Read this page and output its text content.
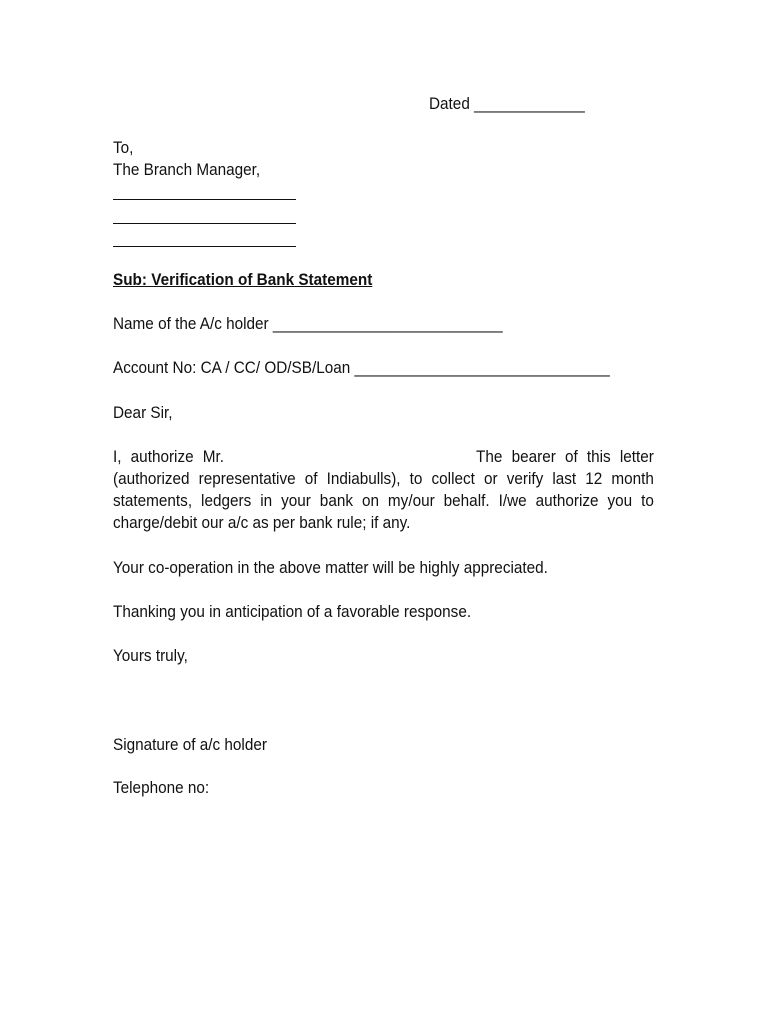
Dated _____________
To,
The Branch Manager,
Sub: Verification of Bank Statement
Name of the A/c holder ___________________________
Account No: CA / CC/ OD/SB/Loan ______________________________
Dear Sir,
I, authorize Mr.	The bearer of this letter (authorized representative of Indiabulls), to collect or verify last 12 month statements, ledgers in your bank on my/our behalf. I/we authorize you to charge/debit our a/c as per bank rule; if any.
Your co-operation in the above matter will be highly appreciated.
Thanking you in anticipation of a favorable response.
Yours truly,
Signature of a/c holder
Telephone no:
